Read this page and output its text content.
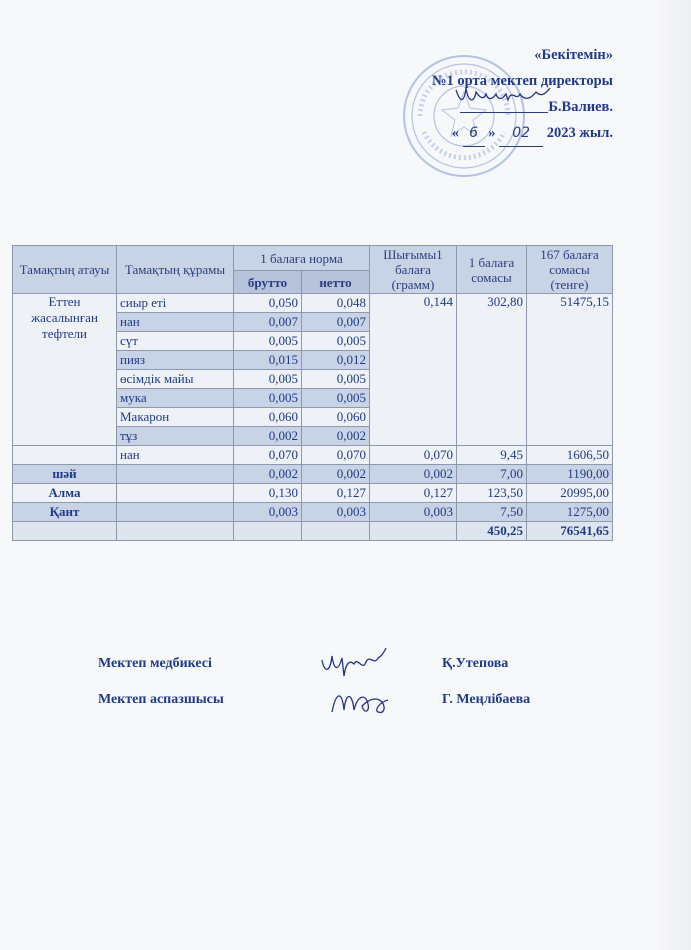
«Бекітемін»
№1 орта мектеп директоры
Б.Валиев.
« 6 » 02 2023 жыл.
Тамақтың атауы	Тамақтың құрамы	1 балаға норма		Шығымы1 балаға (грамм)	1 балаға сомасы	167 балаға сомасы (тенге)
		брутто	нетто			
Еттен жасалынған тефтели	сиыр еті	0,050	0,048	0,144	302,80	51475,15
	нан	0,007	0,007			
	сүт	0,005	0,005			
	пияз	0,015	0,012			
	өсімдік майы	0,005	0,005			
	мука	0,005	0,005			
	Макарон	0,060	0,060			
	тұз	0,002	0,002			
	нан	0,070	0,070	0,070	9,45	1606,50
шәй		0,002	0,002	0,002	7,00	1190,00
Алма		0,130	0,127	0,127	123,50	20995,00
Қант		0,003	0,003	0,003	7,50	1275,00
					450,25	76541,65
Мектеп медбикесі	Қ.Утепова
Мектеп аспазшысы	Г. Меңлібаева
